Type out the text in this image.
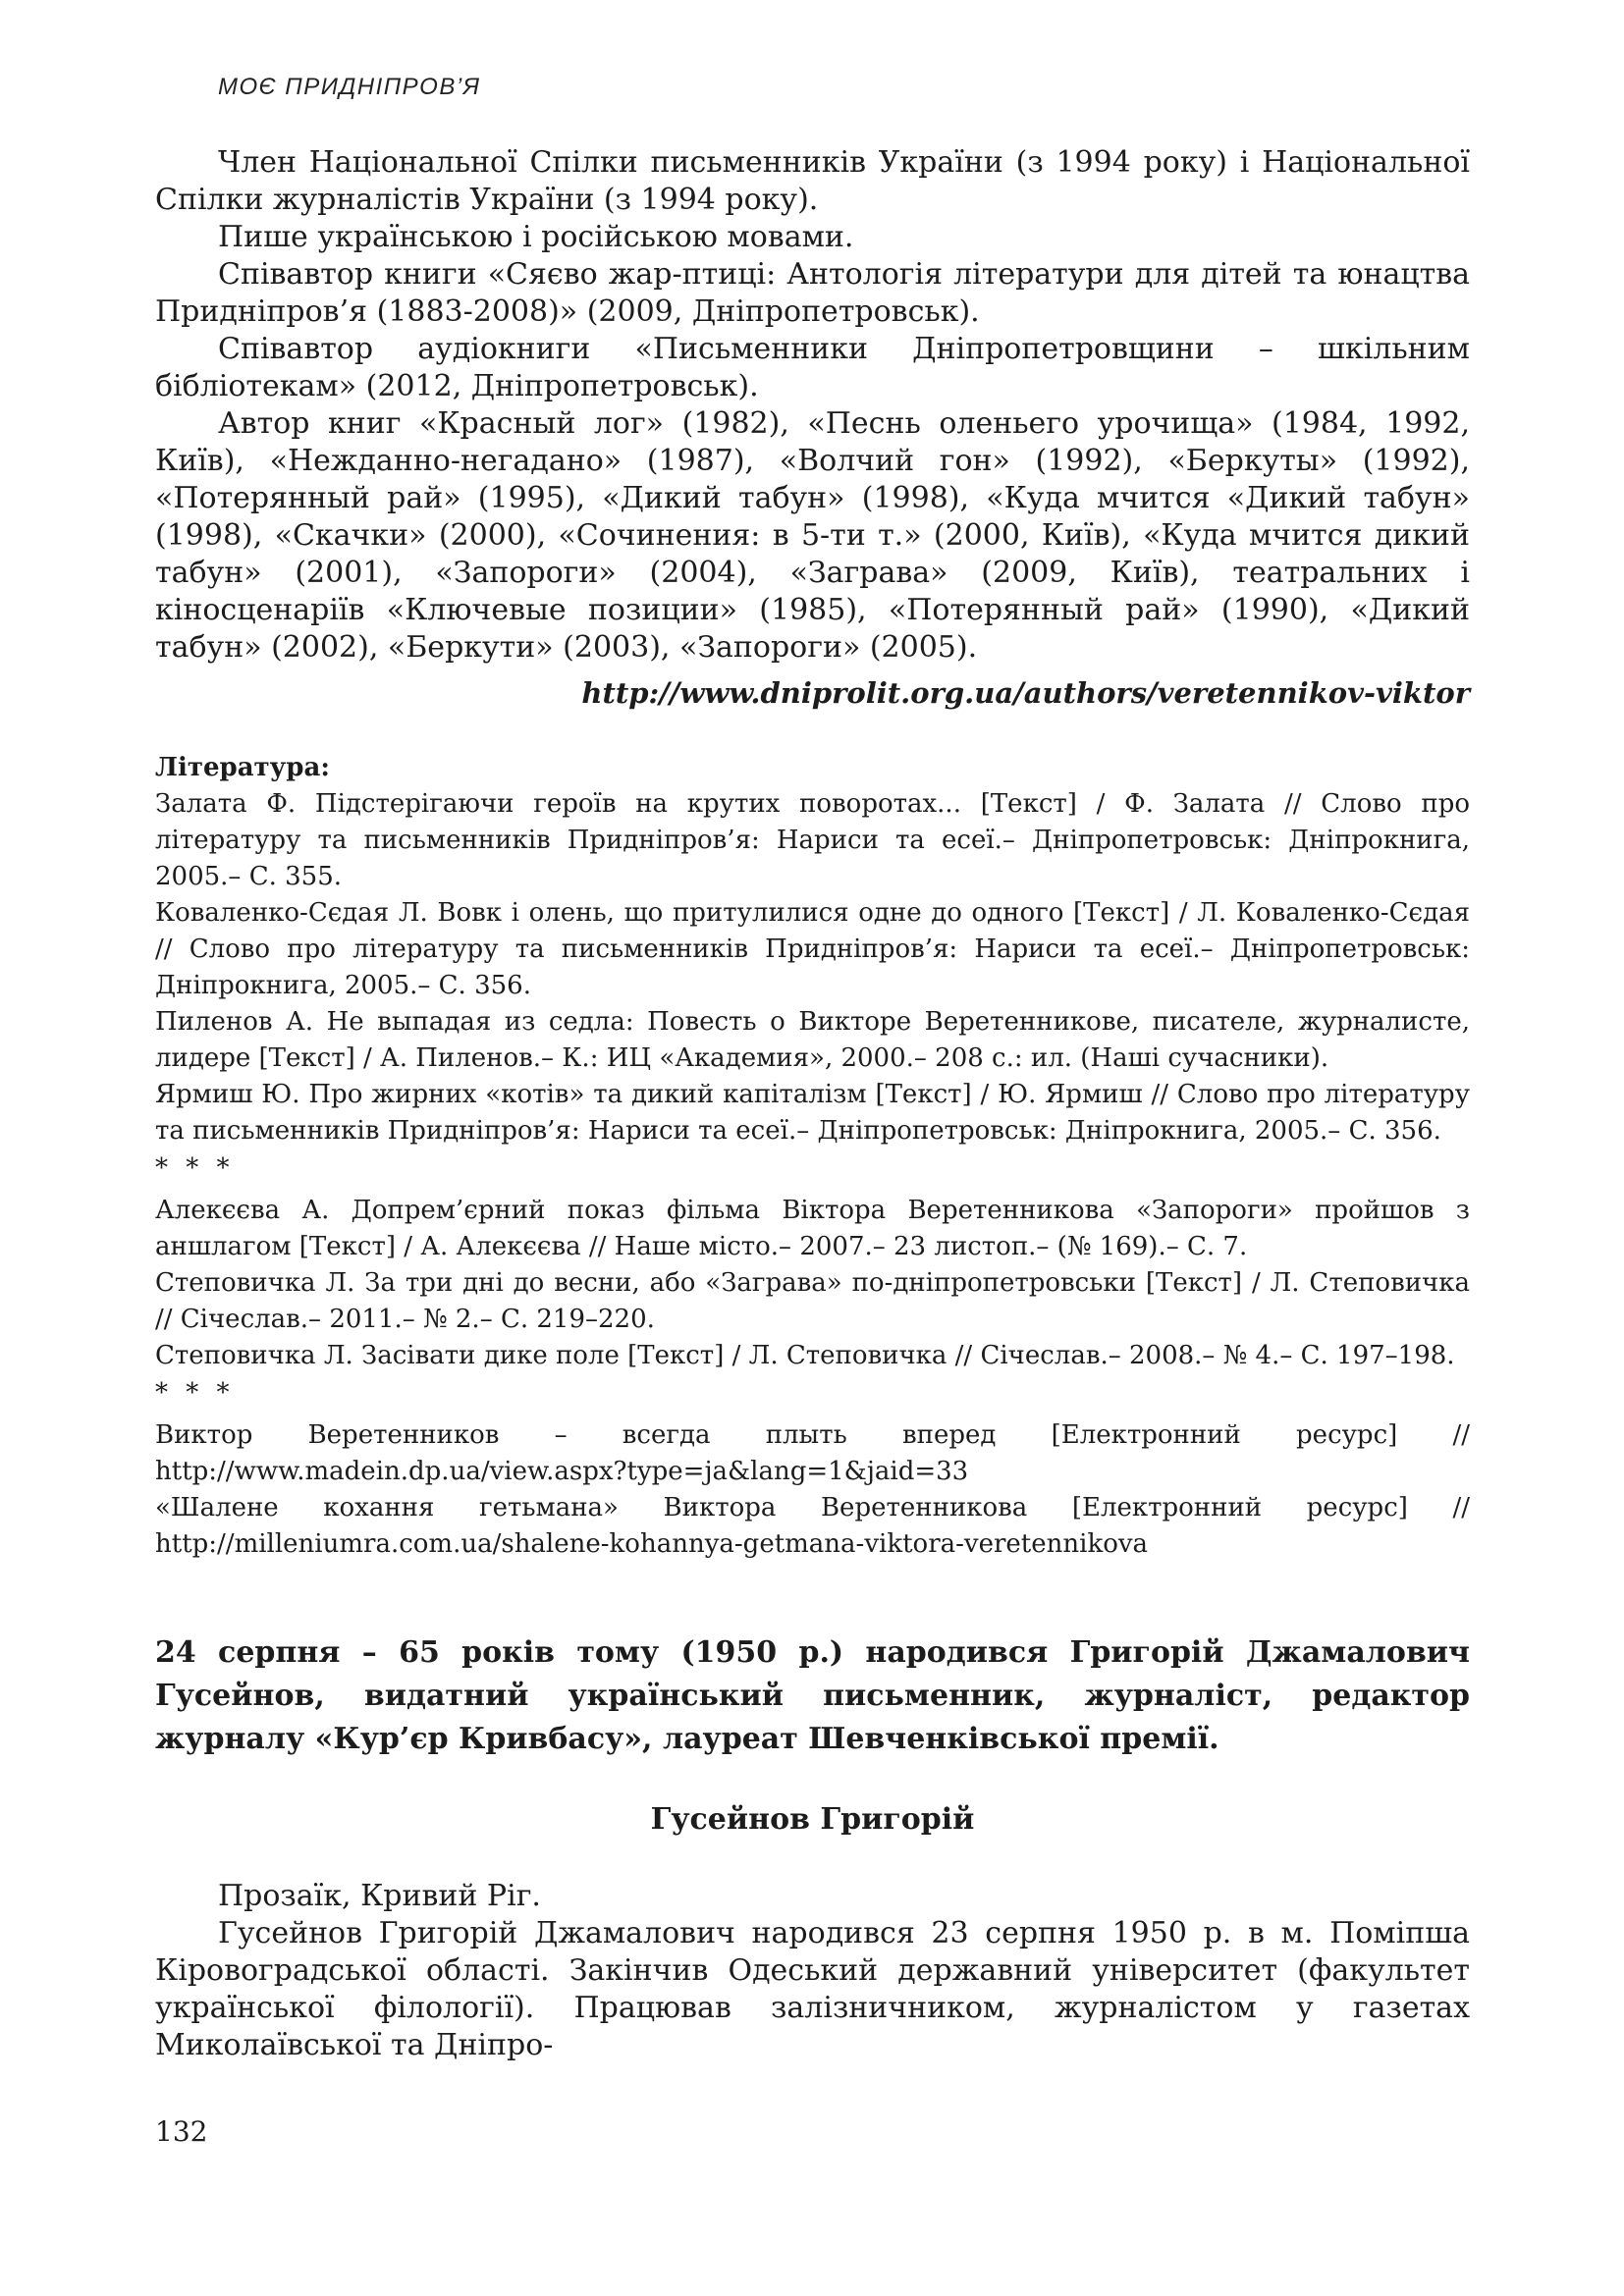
МОЄ ПРИДНІПРОВ’Я

Член Національної Спілки письменників України (з 1994 року) і Національної Спілки журналістів України (з 1994 року).

Пише українською і російською мовами.

Співавтор книги «Сяєво жар-птиці: Антологія літератури для дітей та юнацтва Придніпров’я (1883-2008)» (2009, Дніпропетровськ).

Співавтор аудіокниги «Письменники Дніпропетровщини – шкільним бібліотекам» (2012, Дніпропетровськ).

Автор книг «Красный лог» (1982), «Песнь оленьего урочища» (1984, 1992, Київ), «Нежданно-негадано» (1987), «Волчий гон» (1992), «Беркуты» (1992), «Потерянный рай» (1995), «Дикий табун» (1998), «Куда мчится «Дикий табун» (1998), «Скачки» (2000), «Сочинения: в 5-ти т.» (2000, Київ), «Куда мчится дикий табун» (2001), «Запороги» (2004), «Заграва» (2009, Київ), театральних і кіносценаріїв «Ключевые позиции» (1985), «Потерянный рай» (1990), «Дикий табун» (2002), «Беркути» (2003), «Запороги» (2005).

http://www.dniprolit.org.ua/authors/veretennikov-viktor

Література:

Залата Ф. Підстерігаючи героїв на крутих поворотах... [Текст] / Ф. Залата // Слово про літературу та письменників Придніпров’я: Нариси та есеї.– Дніпропетровськ: Дніпрокнига, 2005.– С. 355.

Коваленко-Сєдая Л. Вовк і олень, що притулилися одне до одного [Текст] / Л. Коваленко-Сєдая // Слово про літературу та письменників Придніпров’я: Нариси та есеї.– Дніпропетровськ: Дніпрокнига, 2005.– С. 356.

Пиленов А. Не выпадая из седла: Повесть о Викторе Веретенникове, писателе, журналисте, лидере [Текст] / А. Пиленов.– К.: ИЦ «Академия», 2000.– 208 с.: ил. (Наші сучасники).

Ярмиш Ю. Про жирних «котів» та дикий капіталізм [Текст] / Ю. Ярмиш // Слово про літературу та письменників Придніпров’я: Нариси та есеї.– Дніпропетровськ: Дніпрокнига, 2005.– С. 356.

* * *

Алекєєва А. Допрем’єрний показ фільма Віктора Веретенникова «Запороги» пройшов з аншлагом [Текст] / А. Алекєєва // Наше місто.– 2007.– 23 листоп.– (№ 169).– С. 7.

Степовичка Л. За три дні до весни, або «Заграва» по-дніпропетровськи [Текст] / Л. Степовичка // Січеслав.– 2011.– № 2.– С. 219–220.

Степовичка Л. Засівати дике поле [Текст] / Л. Степовичка // Січеслав.– 2008.– № 4.– С. 197–198.

* * *

Виктор Веретенников – всегда плыть вперед [Електронний ресурс] //

http://www.madein.dp.ua/view.aspx?type=ja&lang=1&jaid=33

«Шалене кохання гетьмана» Виктора Веретенникова [Електронний ресурс] //

http://milleniumra.com.ua/shalene-kohannya-getmana-viktora-veretennikova

24 серпня – 65 років тому (1950 р.) народився Григорій Джамалович Гусейнов, видатний український письменник, журналіст, редактор журналу «Кур’єр Кривбасу», лауреат Шевченківської премії.

Гусейнов Григорій

Прозаїк, Кривий Ріг.

Гусейнов Григорій Джамалович народився 23 серпня 1950 р. в м. Поміпша Кіровоградської області. Закінчив Одеський державний університет (факультет української філології). Працював залізничником, журналістом у газетах Миколаївської та Дніпро-

132
